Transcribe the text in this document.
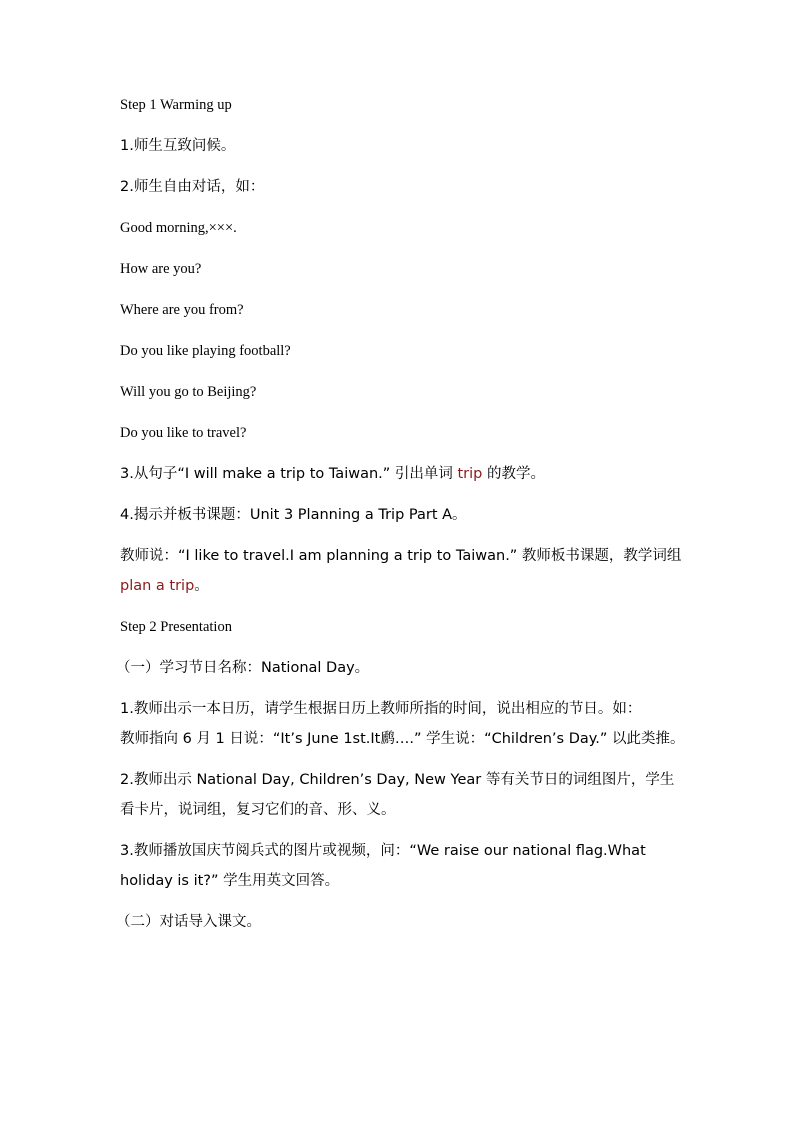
Step 1 Warming up

1.师生互致问候。

2.师生自由对话，如：

Good morning,×××.

How are you?

Where are you from?

Do you like playing football?

Will you go to Beijing?

Do you like to travel?

3.从句子“I will make a trip to Taiwan.” 引出单词 trip 的教学。

4.揭示并板书课题：Unit 3 Planning a Trip Part A。

教师说：“I like to travel.I am planning a trip to Taiwan.” 教师板书课题，教学词组

plan a trip。

Step 2 Presentation

（一）学习节日名称：National Day。

1.教师出示一本日历，请学生根据日历上教师所指的时间，说出相应的节日。如：

教师指向 6 月 1 日说：“It’s June 1st.It䴘….” 学生说：“Children’s Day.” 以此类推。

2.教师出示 National Day, Children’s Day, New Year 等有关节日的词组图片，学生

看卡片，说词组，复习它们的音、形、义。

3.教师播放国庆节阅兵式的图片或视频，问：“We raise our national flag.What

holiday is it?” 学生用英文回答。

（二）对话导入课文。
